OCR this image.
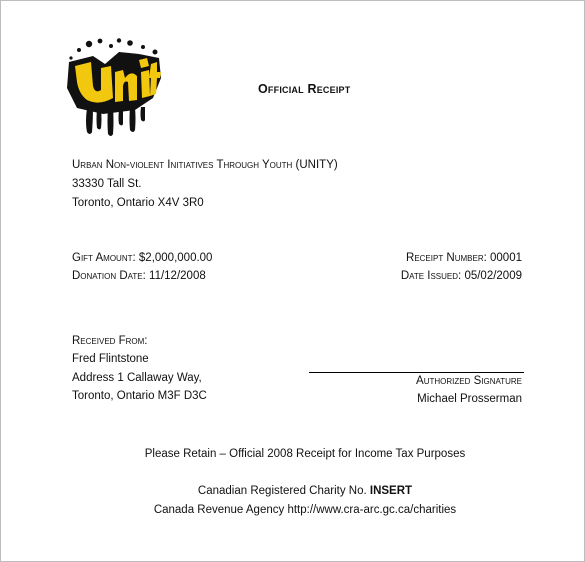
Official Receipt
Urban Non-violent Initiatives Through Youth (UNITY)
33330 Tall St.
Toronto, Ontario X4V 3R0
Gift Amount: $2,000,000.00
Donation Date: 11/12/2008
Receipt Number: 00001
Date Issued: 05/02/2009
Received From:
Fred Flintstone
Address 1 Callaway Way,
Toronto, Ontario M3F D3C
Authorized Signature
Michael Prosserman
Please Retain – Official 2008 Receipt for Income Tax Purposes
Canadian Registered Charity No. INSERT
Canada Revenue Agency http://www.cra-arc.gc.ca/charities
